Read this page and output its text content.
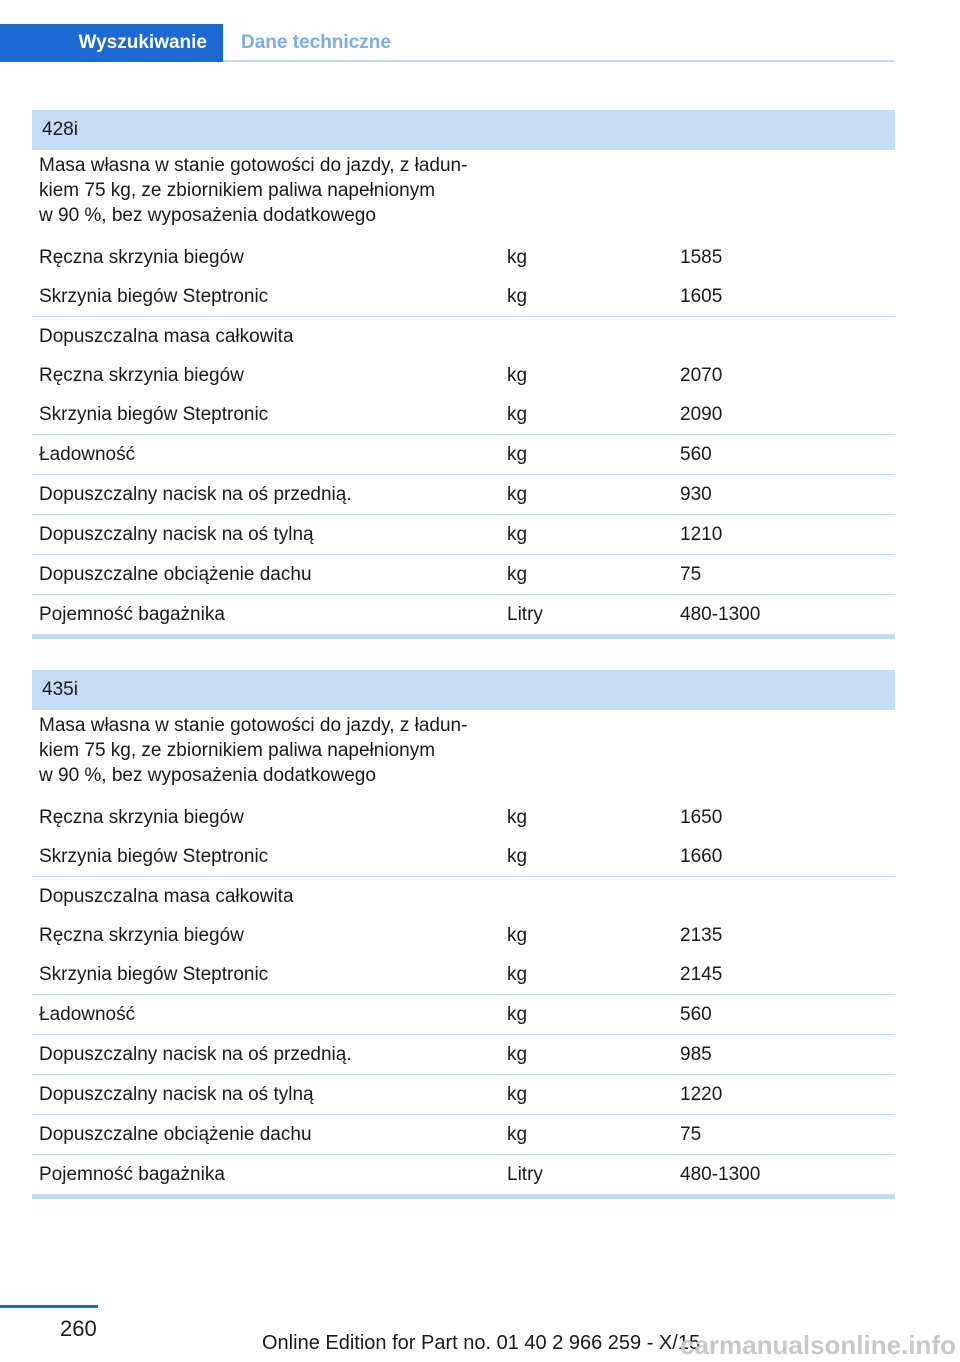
Wyszukiwanie	Dane techniczne
428i
Masa własna w stanie gotowości do jazdy, z ładun-
kiem 75 kg, ze zbiornikiem paliwa napełnionym
w 90 %, bez wyposażenia dodatkowego
Ręczna skrzynia biegów	kg	1585
Skrzynia biegów Steptronic	kg	1605
Dopuszczalna masa całkowita
Ręczna skrzynia biegów	kg	2070
Skrzynia biegów Steptronic	kg	2090
Ładowność	kg	560
Dopuszczalny nacisk na oś przednią.	kg	930
Dopuszczalny nacisk na oś tylną	kg	1210
Dopuszczalne obciążenie dachu	kg	75
Pojemność bagażnika	Litry	480‑1300
435i
Masa własna w stanie gotowości do jazdy, z ładun-
kiem 75 kg, ze zbiornikiem paliwa napełnionym
w 90 %, bez wyposażenia dodatkowego
Ręczna skrzynia biegów	kg	1650
Skrzynia biegów Steptronic	kg	1660
Dopuszczalna masa całkowita
Ręczna skrzynia biegów	kg	2135
Skrzynia biegów Steptronic	kg	2145
Ładowność	kg	560
Dopuszczalny nacisk na oś przednią.	kg	985
Dopuszczalny nacisk na oś tylną	kg	1220
Dopuszczalne obciążenie dachu	kg	75
Pojemność bagażnika	Litry	480‑1300
260
Online Edition for Part no. 01 40 2 966 259 - X/15
carmanualsonline.info
